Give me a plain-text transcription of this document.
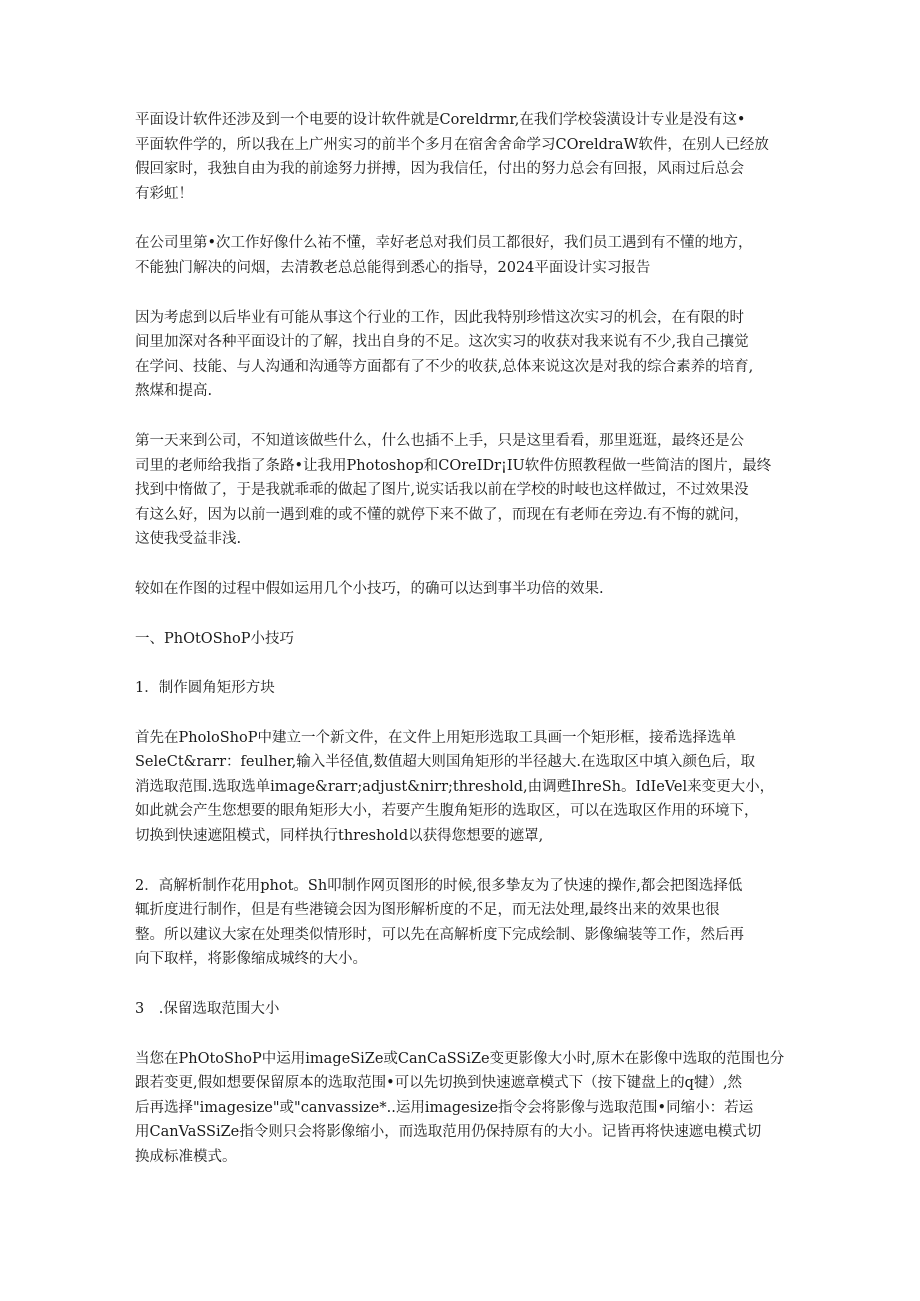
平面设计软件还涉及到一个电要的设计软件就是Coreldrmr,在我们学校袋潢设计专业是没有这•
平面软件学的，所以我在上广州实习的前半个多月在宿舍舍命学习COreldraW软件，在别人已经放
假回家时，我独自由为我的前途努力拼搏，因为我信任，付出的努力总会有回报，风雨过后总会
有彩虹！
在公司里第•次工作好像什么祐不懂，幸好老总对我们员工都很好，我们员工遇到有不懂的地方，
不能独门解决的问烟，去清教老总总能得到悉心的指导，2024平面设计实习报告
因为考虑到以后毕业有可能从事这个行业的工作，因此我特别珍惜这次实习的机会，在有限的时
间里加深对各种平面设计的了解，找出自身的不足。这次实习的收获对我来说有不少,我自己攘觉
在学问、技能、与人沟通和沟通等方面都有了不少的收获,总体来说这次是对我的综合素养的培育,
熬煤和提高.
第一天来到公司，不知道该做些什么，什么也插不上手，只是这里看看，那里逛逛，最终还是公
司里的老师给我指了条路•让我用Photoshop和COreIDr¡IU软件仿照教程做一些简洁的图片，最终
找到中惰做了，于是我就乖乖的做起了图片,说实话我以前在学校的时岐也这样做过，不过效果没
有这么好，因为以前一遇到难的或不懂的就停下来不做了，而现在有老师在旁边.有不悔的就问，
这使我受益非浅.
较如在作图的过程中假如运用几个小技巧，的确可以达到事半功倍的效果.
一、PhOtOShoP小技巧
1．制作圆角矩形方块
首先在PholoShoP中建立一个新文件，在文件上用矩形选取工具画一个矩形框，接希选择选单
SeleCt&rarr：feulher,输入半径值,数值超大则国角矩形的半径越大.在选取区中填入颜色后，取
消选取范围.选取选单image&rarr;adjust&nirr;threshold,由调甦IhreSh。IdIeVel来变更大小，
如此就会产生您想要的眼角矩形大小，若要产生腹角矩形的选取区，可以在选取区作用的环境下，
切换到快速遮阻模式，同样执行threshold以获得您想要的遮罩,
2．高解析制作花用phot。Sh叩制作网页图形的时候,很多挚友为了快速的操作,都会把图选择低
辄折度进行制作，但是有些港镜会因为图形解析度的不足，而无法处理,最终出来的效果也很
整。所以建议大家在处理类似情形时，可以先在高解析度下完成绘制、影像编装等工作，然后再
向下取样，将影像缩成城终的大小。
3　.保留选取范围大小
当您在PhOtoShoP中运用imageSiZe或CanCaSSiZe变更影像大小时,原木在影像中选取的范围也分
跟若变更,假如想要保留原本的选取范围•可以先切换到快速遮章模式下（按下键盘上的q犍）,然
后再选择"imagesize"或"canvassize*..运用imagesize指令会将影像与选取范围•同缩小：若运
用CanVaSSiZe指令则只会将影像缩小，而选取范用仍保持原有的大小。记皆再将快速遮电模式切
换成标准模式。
